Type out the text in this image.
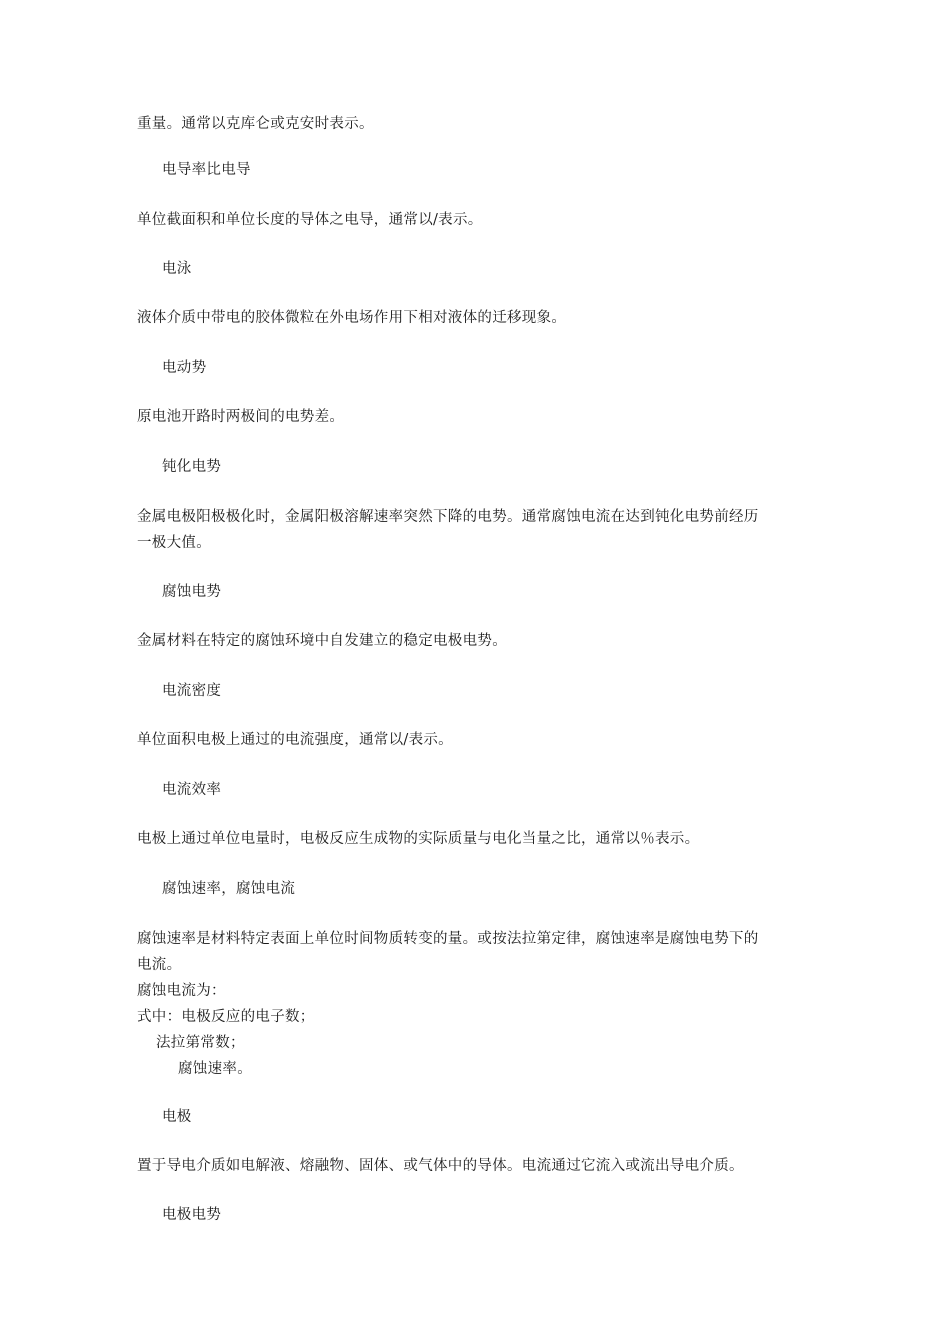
重量。通常以克库仑或克安时表示。
电导率比电导
单位截面积和单位长度的导体之电导，通常以/表示。
电泳
液体介质中带电的胶体微粒在外电场作用下相对液体的迁移现象。
电动势
原电池开路时两极间的电势差。
钝化电势
金属电极阳极极化时，金属阳极溶解速率突然下降的电势。通常腐蚀电流在达到钝化电势前经历
一极大值。
腐蚀电势
金属材料在特定的腐蚀环境中自发建立的稳定电极电势。
电流密度
单位面积电极上通过的电流强度，通常以/表示。
电流效率
电极上通过单位电量时，电极反应生成物的实际质量与电化当量之比，通常以％表示。
腐蚀速率，腐蚀电流
腐蚀速率是材料特定表面上单位时间物质转变的量。或按法拉第定律，腐蚀速率是腐蚀电势下的
电流。
腐蚀电流为：
式中：电极反应的电子数；
法拉第常数；
腐蚀速率。
电极
置于导电介质如电解液、熔融物、固体、或气体中的导体。电流通过它流入或流出导电介质。
电极电势
